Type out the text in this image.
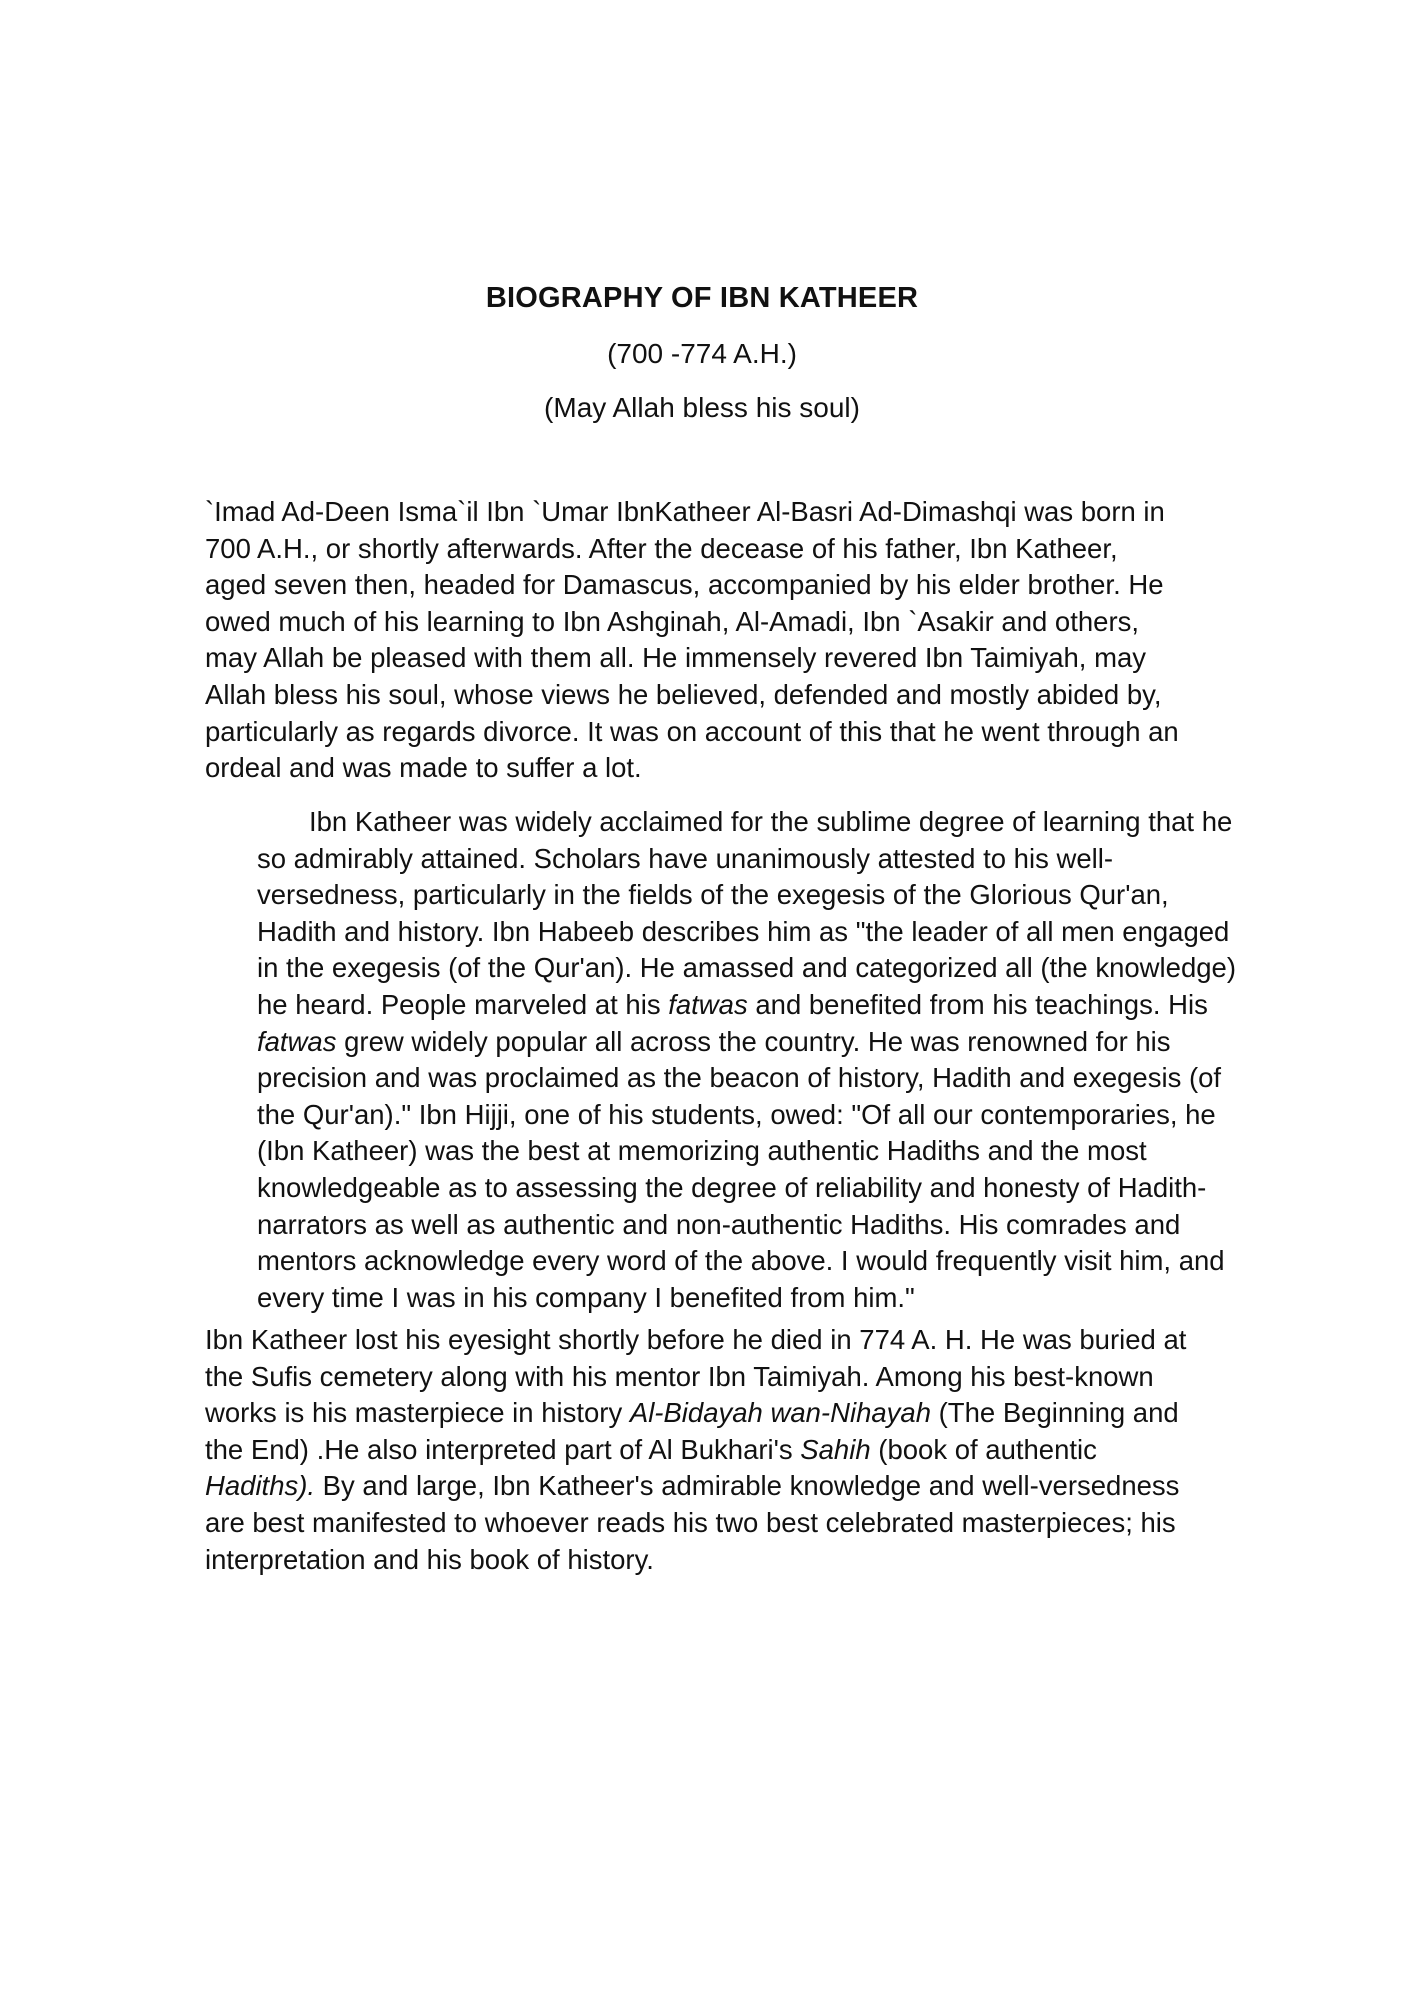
BIOGRAPHY OF IBN KATHEER

(700 -774 A.H.)

(May Allah bless his soul)

`Imad Ad-Deen Isma`il Ibn `Umar IbnKatheer Al-Basri Ad-Dimashqi was born in
700 A.H., or shortly afterwards. After the decease of his father, Ibn Katheer,
aged seven then, headed for Damascus, accompanied by his elder brother. He
owed much of his learning to Ibn Ashginah, Al-Amadi, Ibn `Asakir and others,
may Allah be pleased with them all. He immensely revered Ibn Taimiyah, may
Allah bless his soul, whose views he believed, defended and mostly abided by,
particularly as regards divorce. It was on account of this that he went through an
ordeal and was made to suffer a lot.
Ibn Katheer was widely acclaimed for the sublime degree of learning that he
so admirably attained. Scholars have unanimously attested to his well-
versedness, particularly in the fields of the exegesis of the Glorious Qur'an,
Hadith and history. Ibn Habeeb describes him as "the leader of all men engaged
in the exegesis (of the Qur'an). He amassed and categorized all (the knowledge)
he heard. People marveled at his fatwas and benefited from his teachings. His
fatwas grew widely popular all across the country. He was renowned for his
precision and was proclaimed as the beacon of history, Hadith and exegesis (of
the Qur'an)." Ibn Hijji, one of his students, owed: "Of all our contemporaries, he
(Ibn Katheer) was the best at memorizing authentic Hadiths and the most
knowledgeable as to assessing the degree of reliability and honesty of Hadith-
narrators as well as authentic and non-authentic Hadiths. His comrades and
mentors acknowledge every word of the above. I would frequently visit him, and
every time I was in his company I benefited from him."
Ibn Katheer lost his eyesight shortly before he died in 774 A. H. He was buried at
the Sufis cemetery along with his mentor Ibn Taimiyah. Among his best-known
works is his masterpiece in history Al-Bidayah wan-Nihayah (The Beginning and
the End) .He also interpreted part of Al Bukhari's Sahih (book of authentic
Hadiths). By and large, Ibn Katheer's admirable knowledge and well-versedness
are best manifested to whoever reads his two best celebrated masterpieces; his
interpretation and his book of history.
